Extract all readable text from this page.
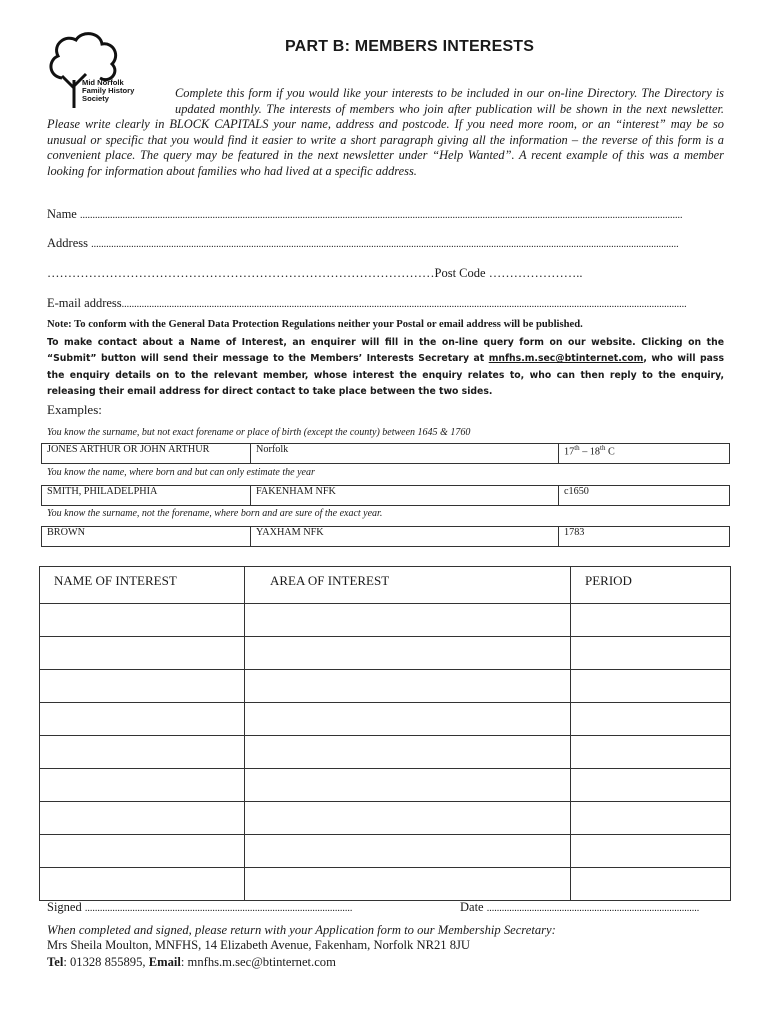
Mid Norfolk
Family History
Society
PART B: MEMBERS INTERESTS
Complete this form if you would like your interests to be included in our on-line Directory. The Directory is updated monthly. The interests of members who join after publication will be shown in the next newsletter. Please write clearly in BLOCK CAPITALS your name, address and postcode. If you need more room, or an “interest” may be so unusual or specific that you would find it easier to write a short paragraph giving all the information – the reverse of this form is a convenient place. The query may be featured in the next newsletter under “Help Wanted”. A recent example of this was a member looking for information about families who had lived at a specific address.
Name .................................................................................................................................................................................................................................................
Address ...........................................................................................................................................................................................................................................
…………………………………………………………………………………Post Code …………………..
E-mail address..................................................................................................................................................................................................................................
Note: To conform with the General Data Protection Regulations neither your Postal or email address will be published.
To make contact about a Name of Interest, an enquirer will fill in the on-line query form on our website. Clicking on the “Submit” button will send their message to the Members’ Interests Secretary at mnfhs.m.sec@btinternet.com, who will pass the enquiry details on to the relevant member, whose interest the enquiry relates to, who can then reply to the enquiry, releasing their email address for direct contact to take place between the two sides.
Examples:
You know the surname, but not exact forename or place of birth (except the county) between 1645 & 1760
JONES ARTHUR OR JOHN ARTHUR	Norfolk	17th – 18th C
You know the name, where born and but can only estimate the year
SMITH, PHILADELPHIA	FAKENHAM NFK	c1650
You know the surname, not the forename, where born and are sure of the exact year.
BROWN	YAXHAM NFK	1783
NAME OF INTEREST	AREA OF INTEREST	PERIOD

Signed ...........................................................................................................	Date .....................................................................................
When completed and signed, please return with your Application form to our Membership Secretary:
Mrs Sheila Moulton, MNFHS, 14 Elizabeth Avenue, Fakenham, Norfolk NR21 8JU
Tel: 01328 855895, Email: mnfhs.m.sec@btinternet.com
